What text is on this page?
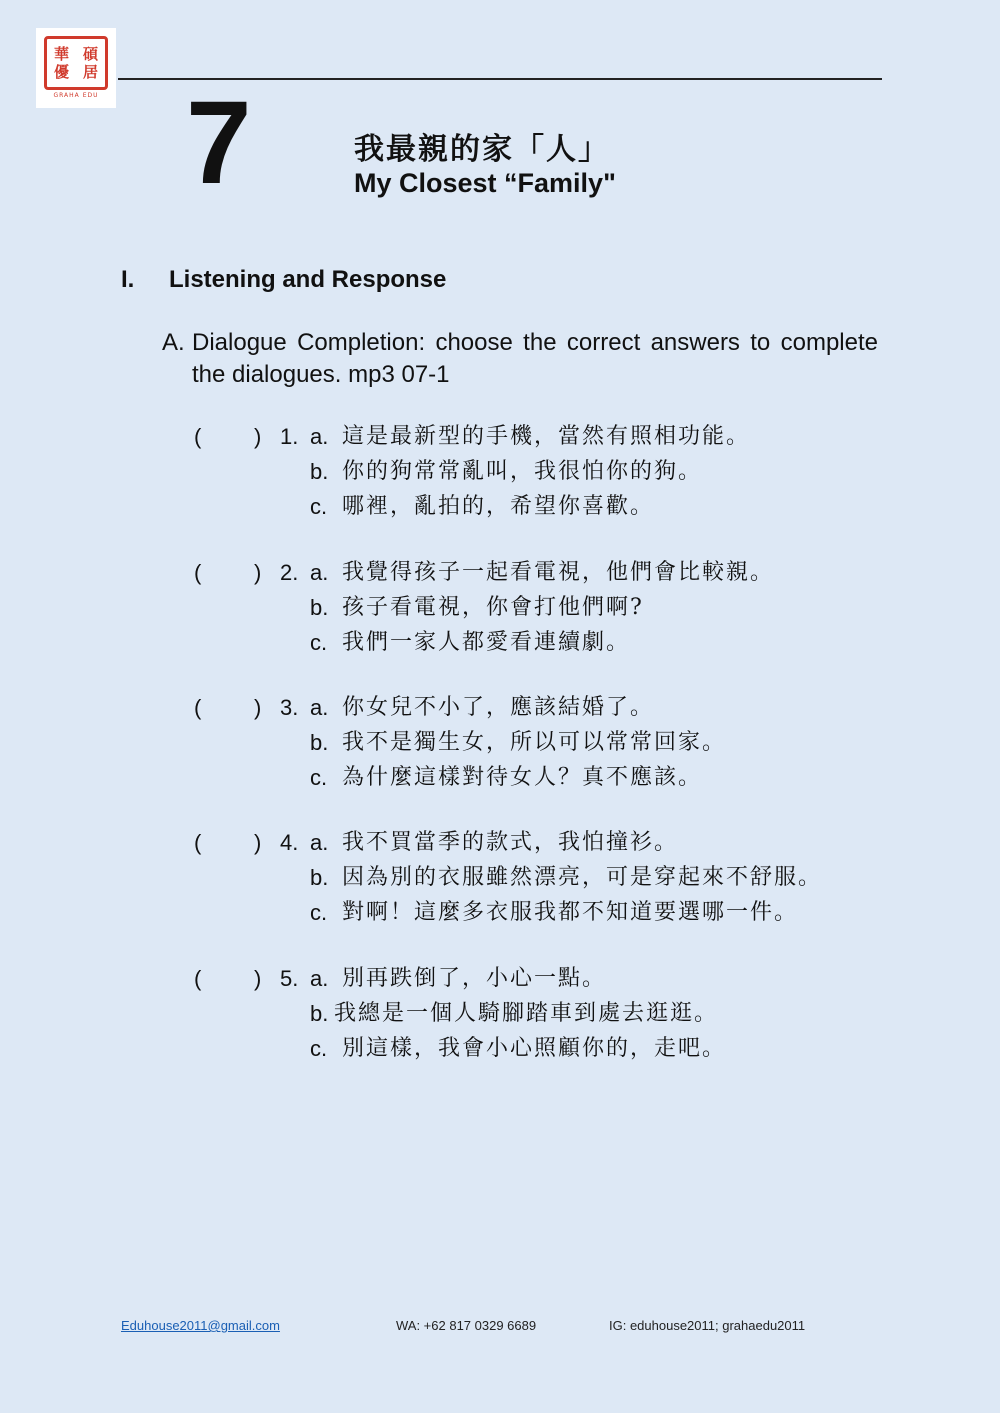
華 碩
優 居
GRAHA EDU 7	我最親的家「人」
My Closest “Family"
I. Listening and Response
A. Dialogue Completion: choose the correct answers to complete the dialogues. mp3 07-1
( ) 1. a. 這是最新型的手機，當然有照相功能。
b. 你的狗常常亂叫，我很怕你的狗。
c. 哪裡，亂拍的，希望你喜歡。
( ) 2. a. 我覺得孩子一起看電視，他們會比較親。
b. 孩子看電視，你會打他們啊?
c. 我們一家人都愛看連續劇。
( ) 3. a. 你女兒不小了，應該結婚了。
b. 我不是獨生女，所以可以常常回家。
c. 為什麼這樣對待女人？真不應該。
( ) 4. a. 我不買當季的款式，我怕撞衫。
b. 因為別的衣服雖然漂亮，可是穿起來不舒服。
c. 對啊！這麼多衣服我都不知道要選哪一件。
( ) 5. a. 別再跌倒了，小心一點。
b. 我總是一個人騎腳踏車到處去逛逛。
c. 別這樣，我會小心照顧你的，走吧。
Eduhouse2011@gmail.com	WA: +62 817 0329 6689	IG: eduhouse2011; grahaedu2011
